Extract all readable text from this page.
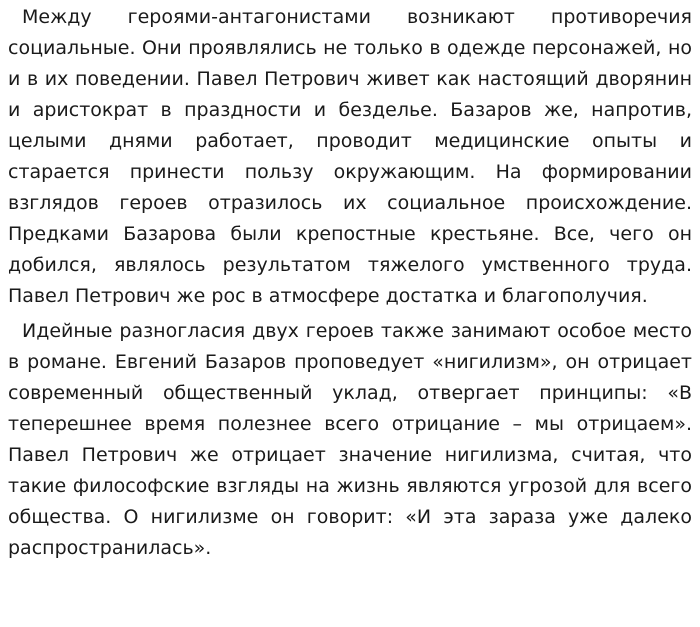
Между героями-антагонистами возникают противоречия социальные. Они проявлялись не только в одежде персонажей, но и в их поведении. Павел Петрович живет как настоящий дворянин и аристократ в праздности и безделье. Базаров же, напротив, целыми днями работает, проводит медицинские опыты и старается принести пользу окружающим. На формировании взглядов героев отразилось их социальное происхождение. Предками Базарова были крепостные крестьяне. Все, чего он добился, являлось результатом тяжелого умственного труда. Павел Петрович же рос в атмосфере достатка и благополучия.

Идейные разногласия двух героев также занимают особое место в романе. Евгений Базаров проповедует «нигилизм», он отрицает современный общественный уклад, отвергает принципы: «В теперешнее время полезнее всего отрицание – мы отрицаем». Павел Петрович же отрицает значение нигилизма, считая, что такие философские взгляды на жизнь являются угрозой для всего общества. О нигилизме он говорит: «И эта зараза уже далеко распространилась».
